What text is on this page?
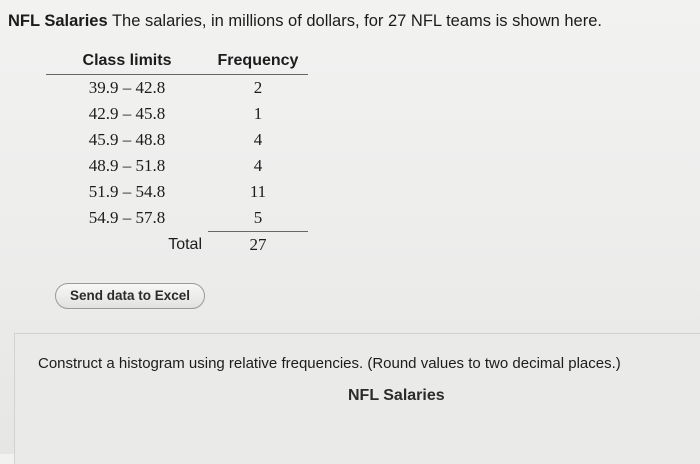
NFL Salaries The salaries, in millions of dollars, for 27 NFL teams is shown here.
Class limits	Frequency
39.9 – 42.8	2
42.9 – 45.8	1
45.9 – 48.8	4
48.9 – 51.8	4
51.9 – 54.8	11
54.9 – 57.8	5
Total	27
Send data to Excel
Construct a histogram using relative frequencies. (Round values to two decimal places.)
NFL Salaries
